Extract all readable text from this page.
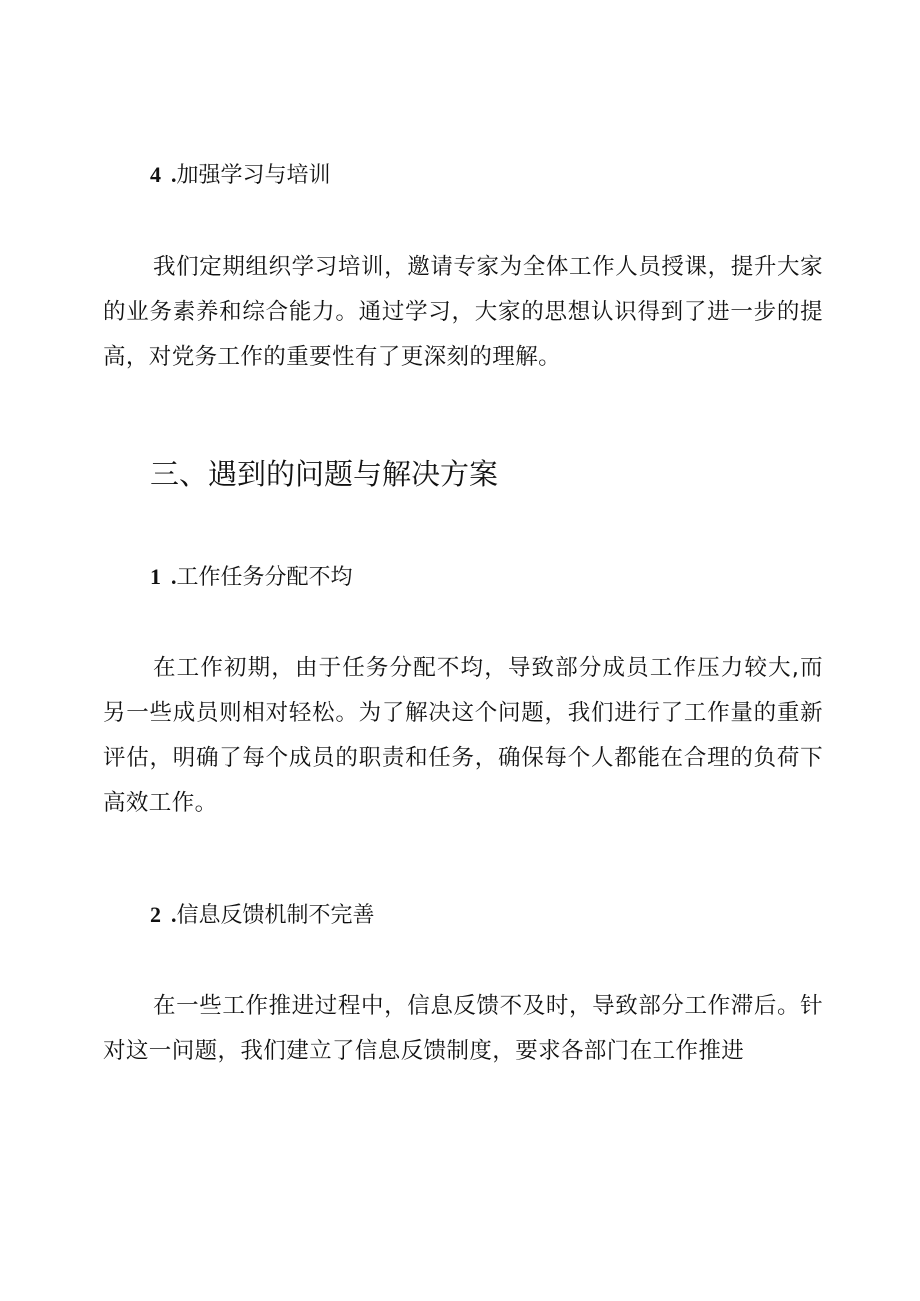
4 .加强学习与培训

我们定期组织学习培训，邀请专家为全体工作人员授课，提升大家的业务素养和综合能力。通过学习，大家的思想认识得到了进一步的提高，对党务工作的重要性有了更深刻的理解。

三、遇到的问题与解决方案
1 .工作任务分配不均

在工作初期，由于任务分配不均，导致部分成员工作压力较大,而另一些成员则相对轻松。为了解决这个问题，我们进行了工作量的重新评估，明确了每个成员的职责和任务，确保每个人都能在合理的负荷下高效工作。

2 .信息反馈机制不完善

在一些工作推进过程中，信息反馈不及时，导致部分工作滞后。针对这一问题，我们建立了信息反馈制度，要求各部门在工作推进
